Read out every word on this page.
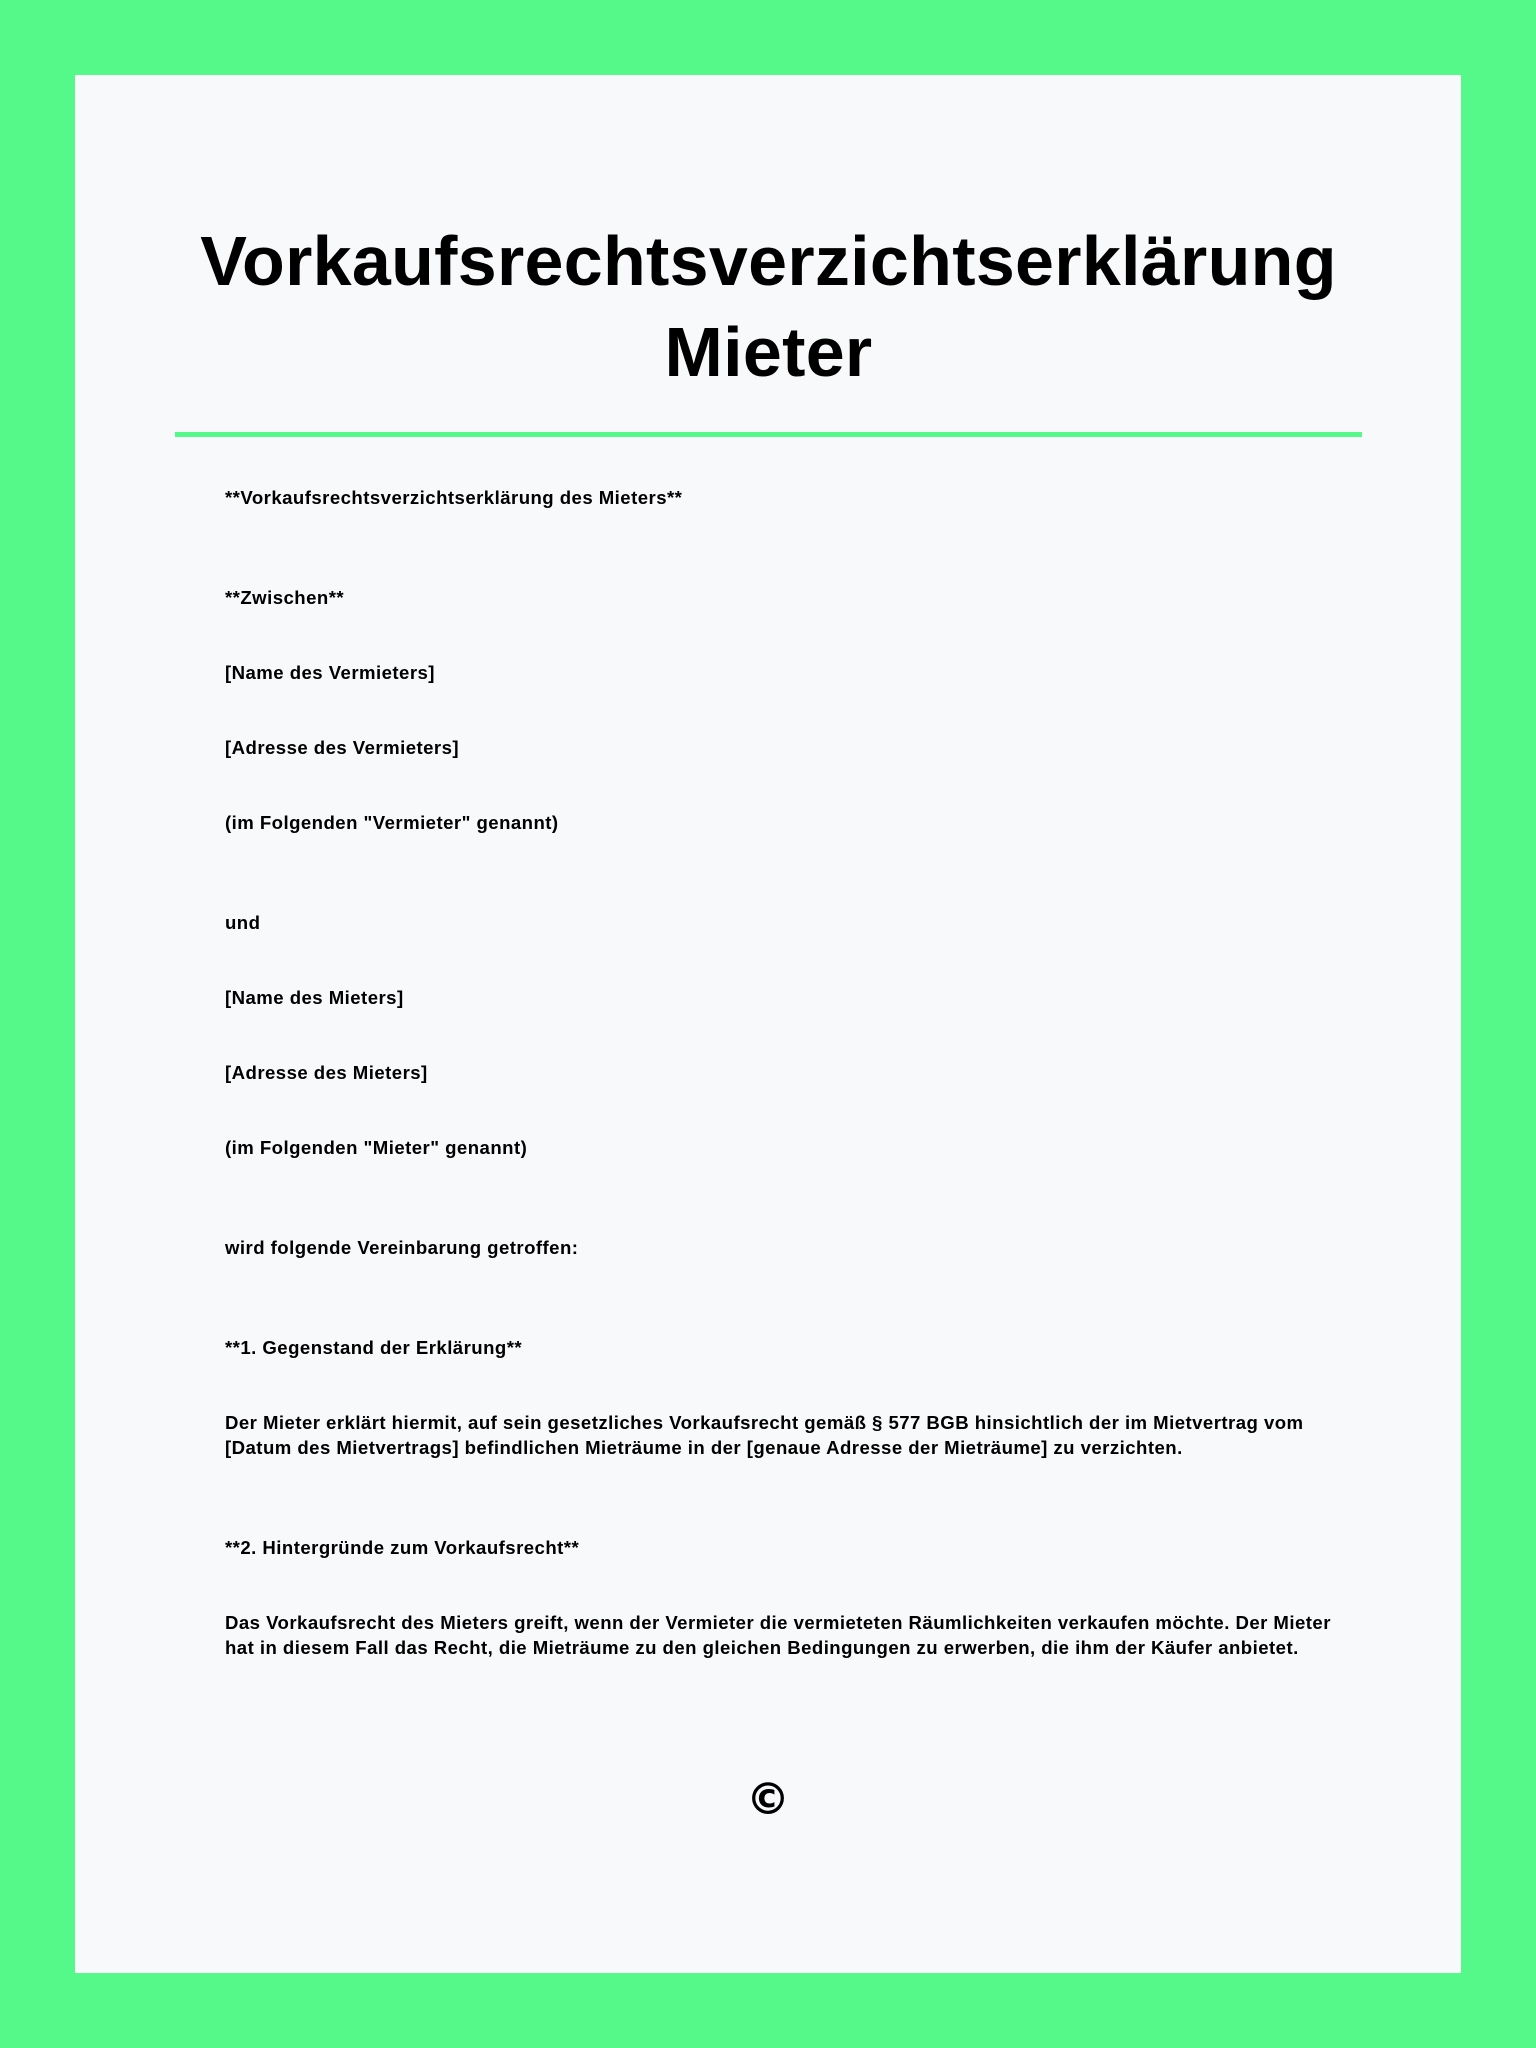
Vorkaufsrechtsverzichtserklärung
Mieter

**Vorkaufsrechtsverzichtserklärung des Mieters**

**Zwischen**

[Name des Vermieters]

[Adresse des Vermieters]

(im Folgenden "Vermieter" genannt)

und

[Name des Mieters]

[Adresse des Mieters]

(im Folgenden "Mieter" genannt)

wird folgende Vereinbarung getroffen:

**1. Gegenstand der Erklärung**

Der Mieter erklärt hiermit, auf sein gesetzliches Vorkaufsrecht gemäß § 577 BGB hinsichtlich der im Mietvertrag vom [Datum des Mietvertrags] befindlichen Mieträume in der [genaue Adresse der Mieträume] zu verzichten.

**2. Hintergründe zum Vorkaufsrecht**

Das Vorkaufsrecht des Mieters greift, wenn der Vermieter die vermieteten Räumlichkeiten verkaufen möchte. Der Mieter hat in diesem Fall das Recht, die Mieträume zu den gleichen Bedingungen zu erwerben, die ihm der Käufer anbietet.

©
